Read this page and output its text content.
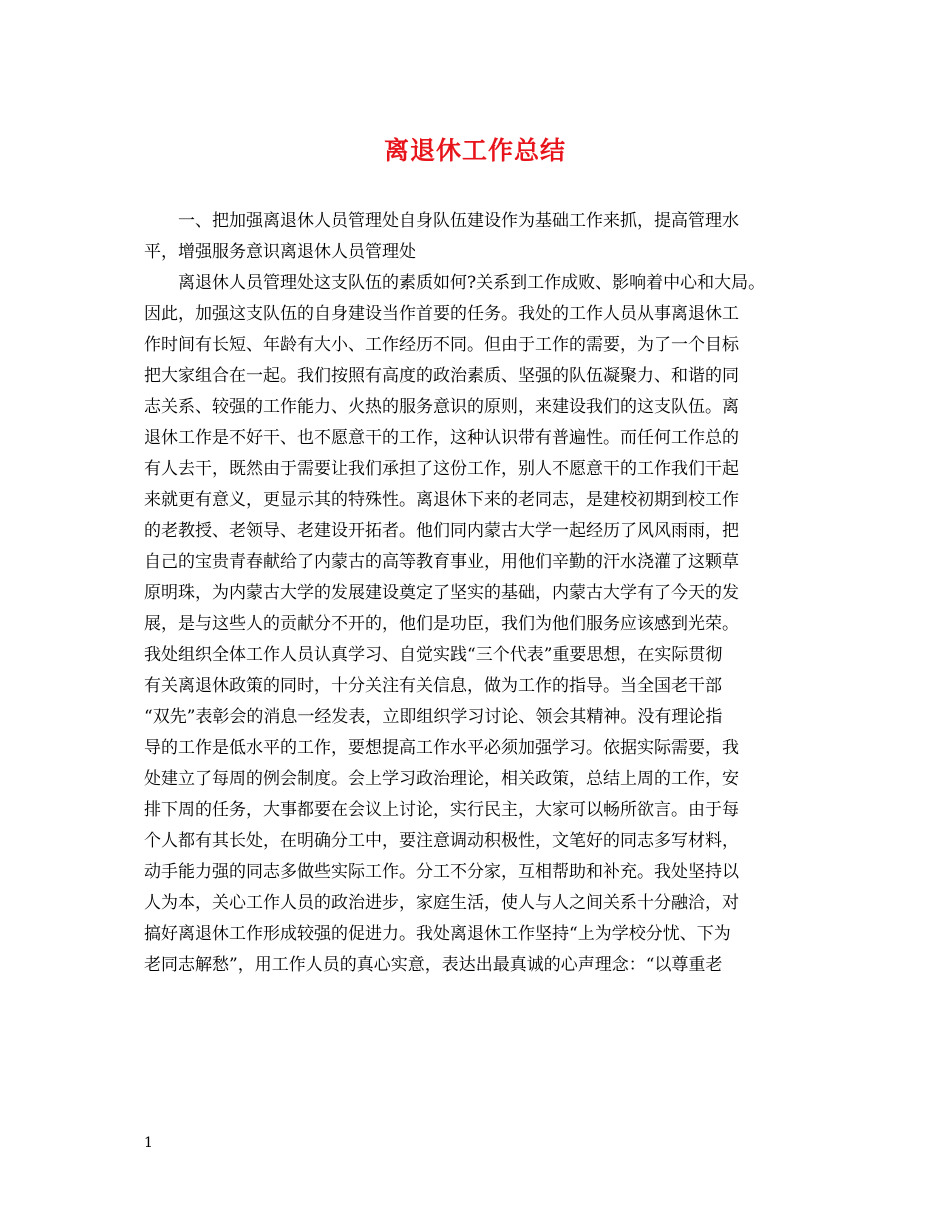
离退休工作总结
一、把加强离退休人员管理处自身队伍建设作为基础工作来抓，提高管理水
平，增强服务意识离退休人员管理处
离退休人员管理处这支队伍的素质如何?关系到工作成败、影响着中心和大局。
因此，加强这支队伍的自身建设当作首要的任务。我处的工作人员从事离退休工
作时间有长短、年龄有大小、工作经历不同。但由于工作的需要，为了一个目标
把大家组合在一起。我们按照有高度的政治素质、坚强的队伍凝聚力、和谐的同
志关系、较强的工作能力、火热的服务意识的原则，来建设我们的这支队伍。离
退休工作是不好干、也不愿意干的工作，这种认识带有普遍性。而任何工作总的
有人去干，既然由于需要让我们承担了这份工作，别人不愿意干的工作我们干起
来就更有意义，更显示其的特殊性。离退休下来的老同志，是建校初期到校工作
的老教授、老领导、老建设开拓者。他们同内蒙古大学一起经历了风风雨雨，把
自己的宝贵青春献给了内蒙古的高等教育事业，用他们辛勤的汗水浇灌了这颗草
原明珠，为内蒙古大学的发展建设奠定了坚实的基础，内蒙古大学有了今天的发
展，是与这些人的贡献分不开的，他们是功臣，我们为他们服务应该感到光荣。
我处组织全体工作人员认真学习、自觉实践“三个代表”重要思想，在实际贯彻
有关离退休政策的同时，十分关注有关信息，做为工作的指导。当全国老干部
“双先”表彰会的消息一经发表，立即组织学习讨论、领会其精神。没有理论指
导的工作是低水平的工作，要想提高工作水平必须加强学习。依据实际需要，我
处建立了每周的例会制度。会上学习政治理论，相关政策，总结上周的工作，安
排下周的任务，大事都要在会议上讨论，实行民主，大家可以畅所欲言。由于每
个人都有其长处，在明确分工中，要注意调动积极性，文笔好的同志多写材料，
动手能力强的同志多做些实际工作。分工不分家，互相帮助和补充。我处坚持以
人为本，关心工作人员的政治进步，家庭生活，使人与人之间关系十分融洽，对
搞好离退休工作形成较强的促进力。我处离退休工作坚持“上为学校分忧、下为
老同志解愁”，用工作人员的真心实意，表达出最真诚的心声理念：“以尊重老
1
